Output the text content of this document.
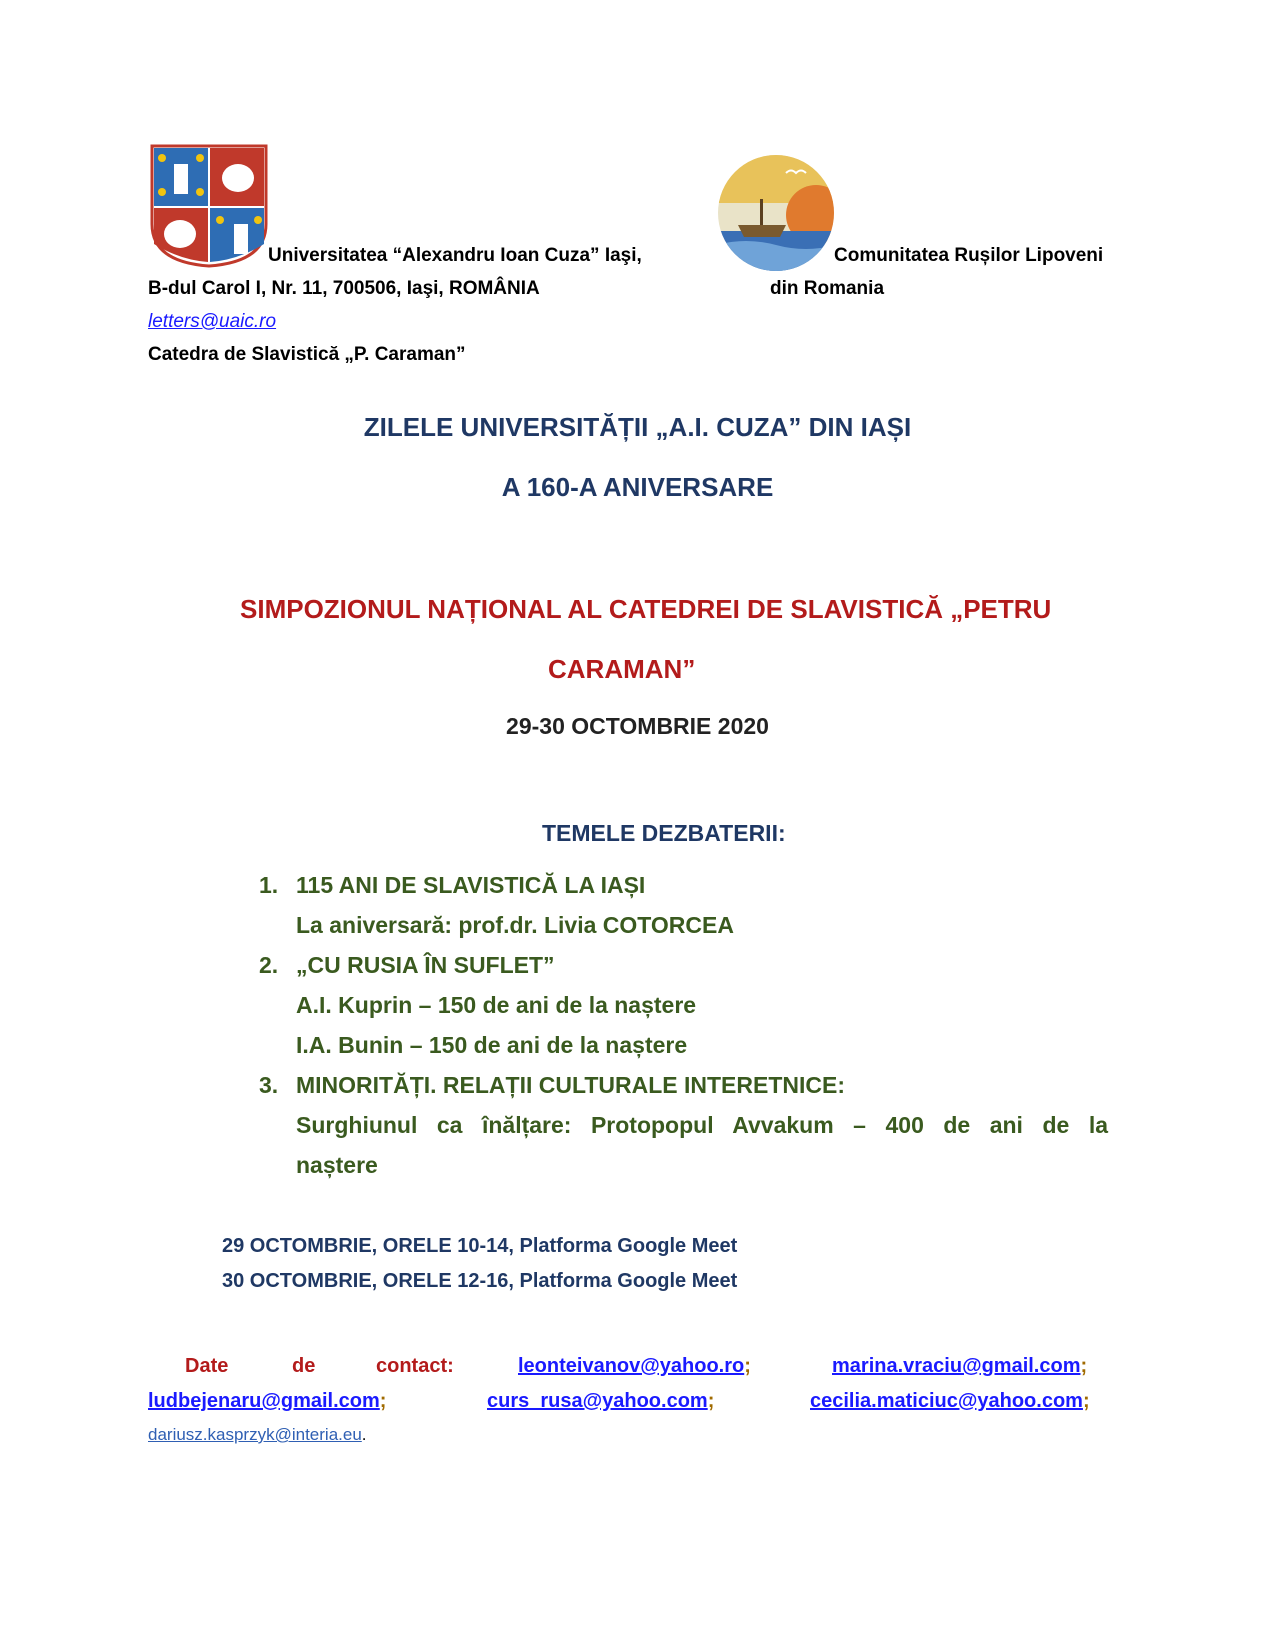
Universitatea “Alexandru Ioan Cuza” Iaşi,
B-dul Carol I, Nr. 11, 700506, Iaşi, ROMÂNIA
letters@uaic.ro
Catedra de Slavistică „P. Caraman”
Comunitatea Rușilor Lipoveni
din Romania
ZILELE UNIVERSITĂȚII „A.I. CUZA” DIN IAȘI
A 160-A ANIVERSARE
SIMPOZIONUL NAȚIONAL AL CATEDREI DE SLAVISTICĂ „PETRU
CARAMAN”
29-30 OCTOMBRIE 2020
TEMELE DEZBATERII:
1. 115 ANI DE SLAVISTICĂ LA IAȘI
La aniversară: prof.dr. Livia COTORCEA
2. „CU RUSIA ÎN SUFLET”
A.I. Kuprin – 150 de ani de la naștere
I.A. Bunin – 150 de ani de la naștere
3. MINORITĂȚI. RELAȚII CULTURALE INTERETNICE:
Surghiunul ca înălțare: Protopopul Avvakum – 400 de ani de la
naștere
29 OCTOMBRIE, ORELE 10-14, Platforma Google Meet
30 OCTOMBRIE, ORELE 12-16, Platforma Google Meet
Date	de	contact:	leonteivanov@yahoo.ro;	marina.vraciu@gmail.com;
ludbejenaru@gmail.com;	curs_rusa@yahoo.com;	cecilia.maticiuc@yahoo.com;
dariusz.kasprzyk@interia.eu.
